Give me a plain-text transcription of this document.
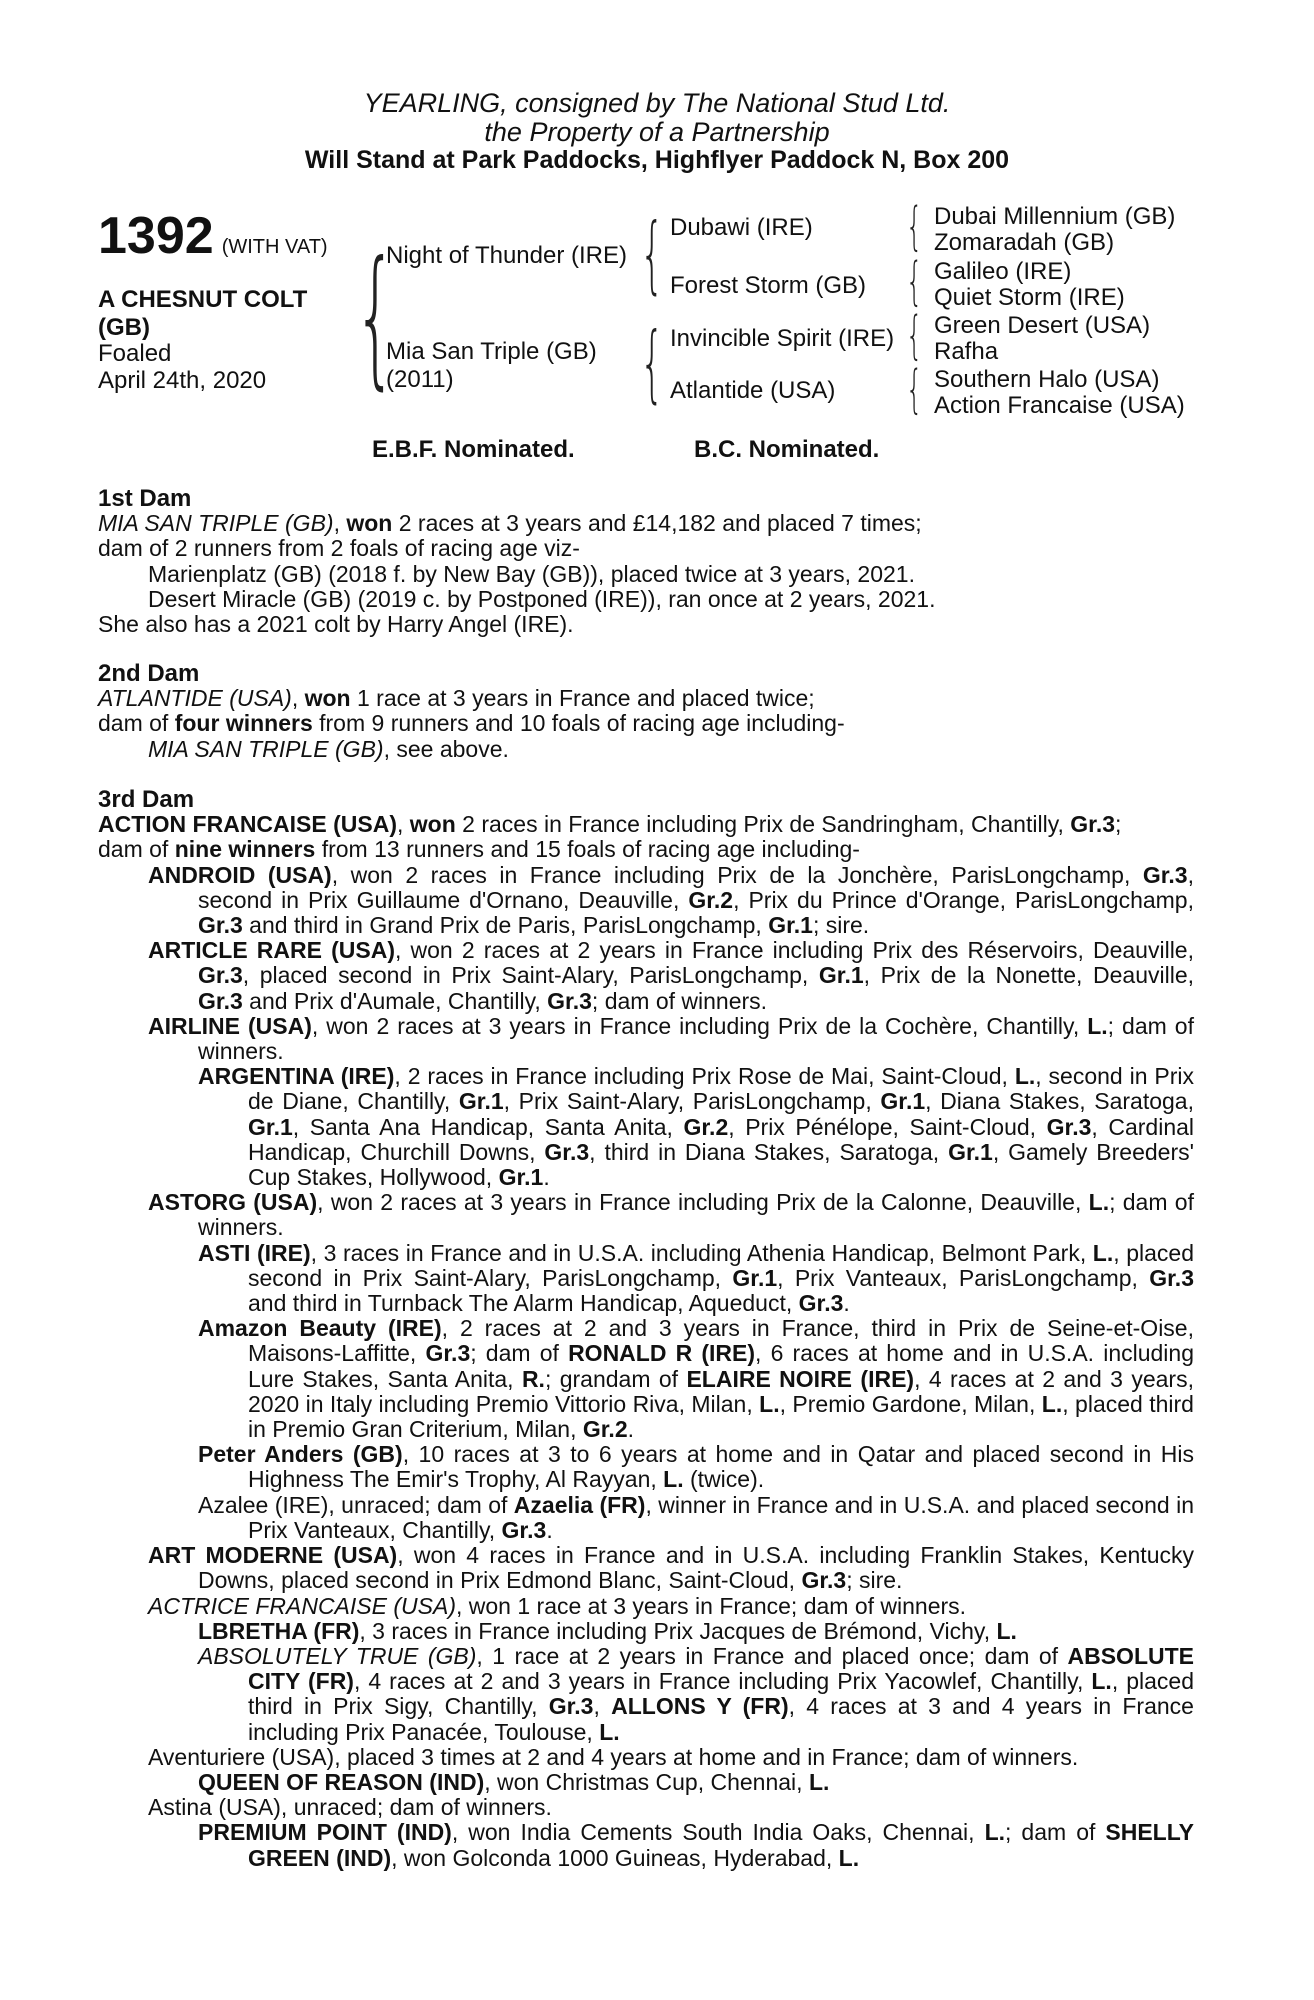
YEARLING, consigned by The National Stud Ltd.
the Property of a Partnership
Will Stand at Park Paddocks, Highflyer Paddock N, Box 200
1392 (WITH VAT)
A CHESNUT COLT
(GB)
Foaled
April 24th, 2020 {
Night of Thunder (IRE)
Mia San Triple (GB)
(2011)
{ Dubawi (IRE)
Forest Storm (GB)
{ Invincible Spirit (IRE)
Atlantide (USA)
{ Dubai Millennium (GB)
Zomaradah (GB)
{ Galileo (IRE)
Quiet Storm (IRE)
{ Green Desert (USA)
Rafha
{ Southern Halo (USA)
Action Francaise (USA)
E.B.F. Nominated.	B.C. Nominated.

1st Dam

MIA SAN TRIPLE (GB), won 2 races at 3 years and £14,182 and placed 7 times;

dam of 2 runners from 2 foals of racing age viz-

Marienplatz (GB) (2018 f. by New Bay (GB)), placed twice at 3 years, 2021.

Desert Miracle (GB) (2019 c. by Postponed (IRE)), ran once at 2 years, 2021.

She also has a 2021 colt by Harry Angel (IRE).

2nd Dam

ATLANTIDE (USA), won 1 race at 3 years in France and placed twice;

dam of four winners from 9 runners and 10 foals of racing age including-

MIA SAN TRIPLE (GB), see above.

3rd Dam

ACTION FRANCAISE (USA), won 2 races in France including Prix de Sandringham, Chantilly, Gr.3;

dam of nine winners from 13 runners and 15 foals of racing age including-

ANDROID (USA), won 2 races in France including Prix de la Jonchère, ParisLongchamp, Gr.3, second in Prix Guillaume d'Ornano, Deauville, Gr.2, Prix du Prince d'Orange, ParisLongchamp, Gr.3 and third in Grand Prix de Paris, ParisLongchamp, Gr.1; sire.

ARTICLE RARE (USA), won 2 races at 2 years in France including Prix des Réservoirs, Deauville, Gr.3, placed second in Prix Saint-Alary, ParisLongchamp, Gr.1, Prix de la Nonette, Deauville, Gr.3 and Prix d'Aumale, Chantilly, Gr.3; dam of winners.

AIRLINE (USA), won 2 races at 3 years in France including Prix de la Cochère, Chantilly, L.; dam of winners.

ARGENTINA (IRE), 2 races in France including Prix Rose de Mai, Saint-Cloud, L., second in Prix de Diane, Chantilly, Gr.1, Prix Saint-Alary, ParisLongchamp, Gr.1, Diana Stakes, Saratoga, Gr.1, Santa Ana Handicap, Santa Anita, Gr.2, Prix Pénélope, Saint-Cloud, Gr.3, Cardinal Handicap, Churchill Downs, Gr.3, third in Diana Stakes, Saratoga, Gr.1, Gamely Breeders' Cup Stakes, Hollywood, Gr.1.

ASTORG (USA), won 2 races at 3 years in France including Prix de la Calonne, Deauville, L.; dam of winners.

ASTI (IRE), 3 races in France and in U.S.A. including Athenia Handicap, Belmont Park, L., placed second in Prix Saint-Alary, ParisLongchamp, Gr.1, Prix Vanteaux, ParisLongchamp, Gr.3 and third in Turnback The Alarm Handicap, Aqueduct, Gr.3.

Amazon Beauty (IRE), 2 races at 2 and 3 years in France, third in Prix de Seine-et-Oise, Maisons-Laffitte, Gr.3; dam of RONALD R (IRE), 6 races at home and in U.S.A. including Lure Stakes, Santa Anita, R.; grandam of ELAIRE NOIRE (IRE), 4 races at 2 and 3 years, 2020 in Italy including Premio Vittorio Riva, Milan, L., Premio Gardone, Milan, L., placed third in Premio Gran Criterium, Milan, Gr.2.

Peter Anders (GB), 10 races at 3 to 6 years at home and in Qatar and placed second in His Highness The Emir's Trophy, Al Rayyan, L. (twice).

Azalee (IRE), unraced; dam of Azaelia (FR), winner in France and in U.S.A. and placed second in Prix Vanteaux, Chantilly, Gr.3.

ART MODERNE (USA), won 4 races in France and in U.S.A. including Franklin Stakes, Kentucky Downs, placed second in Prix Edmond Blanc, Saint-Cloud, Gr.3; sire.

ACTRICE FRANCAISE (USA), won 1 race at 3 years in France; dam of winners.

LBRETHA (FR), 3 races in France including Prix Jacques de Brémond, Vichy, L.

ABSOLUTELY TRUE (GB), 1 race at 2 years in France and placed once; dam of ABSOLUTE CITY (FR), 4 races at 2 and 3 years in France including Prix Yacowlef, Chantilly, L., placed third in Prix Sigy, Chantilly, Gr.3, ALLONS Y (FR), 4 races at 3 and 4 years in France including Prix Panacée, Toulouse, L.

Aventuriere (USA), placed 3 times at 2 and 4 years at home and in France; dam of winners.

QUEEN OF REASON (IND), won Christmas Cup, Chennai, L.

Astina (USA), unraced; dam of winners.

PREMIUM POINT (IND), won India Cements South India Oaks, Chennai, L.; dam of SHELLY GREEN (IND), won Golconda 1000 Guineas, Hyderabad, L.
